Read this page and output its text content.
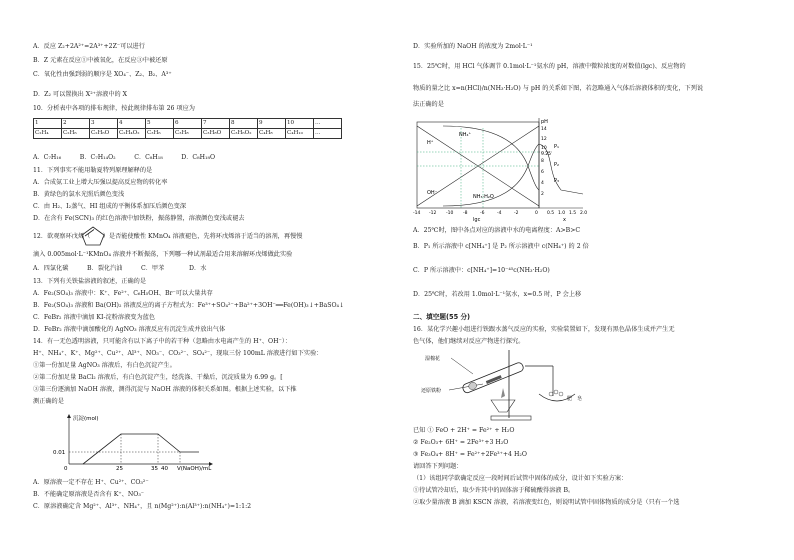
A．反应 Z₂+2A²⁺=2A³⁺+2Z⁻可以进行
B．Z 元素在反应①中被氧化，在反应③中被还原
C．氧化性由强到弱的顺序是 XO₄⁻、Z₂、B₂、A³⁺
D．Z₂ 可以置换出 X²⁺溶液中的 X
10．分析表中各项的排布规律，按此规律排布第 26 项应为
1	2	3	4	5	6	7	8	9	10	…
C₂H₄	C₂H₆	C₂H₆O	C₂H₄O₂	C₃H₆	C₃H₈	C₃H₈O	C₃H₆O₂	C₄H₈	C₄H₁₀	…
A．C₇H₁₆　　　B．C₇H₁₄O₂　　　C．C₈H₁₈　　　D．C₈H₁₈O
11．下列事实不能用勒夏特列原理解释的是
A．合成氨工业上增大压强以提高反应物的转化率
B．黄绿色的氯水光照后颜色变浅
C．由 H₂、I₂蒸气、HI 组成的平衡体系加压后颜色变深
D．在含有 Fe(SCN)₃ 的红色溶液中加铁粉，振荡静置，溶液颜色变浅或褪去
12．欲观察环戊烯（　　）是否能使酸性 KMnO₄ 溶液褪色，先将环戊烯溶于适当的溶剂，再慢慢
滴入 0.005mol·L⁻¹KMnO₄ 溶液并不断振荡，下列哪一种试剂最适合用来溶解环戊烯做此实验
A．四氯化碳　　　B．裂化汽油　　　C．甲苯　　　　D．水
13．下列有关铁盐溶液的叙述，正确的是
A．Fe₂(SO₄)₃ 溶液中：K⁺、Fe²⁺、C₆H₅OH、Br⁻可以大量共存
B．Fe₂(SO₄)₃ 溶液和 Ba(OH)₂ 溶液反应的离子方程式为：Fe³⁺+SO₄²⁻+Ba²⁺+3OH⁻══Fe(OH)₃↓+BaSO₄↓
C．FeBr₂ 溶液中滴加 KI-淀粉溶液变为蓝色
D．FeBr₂ 溶液中滴加酸化的 AgNO₃ 溶液反应有沉淀生成并放出气体
14．有一无色透明溶液，只可能含有以下离子中的若干种（忽略由水电离产生的 H⁺、OH⁻）：
H⁺、NH₄⁺、K⁺、Mg²⁺、Cu²⁺、Al³⁺、NO₃⁻、CO₃²⁻、SO₄²⁻，现取三份 100mL 溶液进行如下实验：
①第一份加足量 AgNO₃ 溶液后，有白色沉淀产生。
②第二份加足量 BaCl₂ 溶液后，有白色沉淀产生，经洗涤、干燥后，沉淀质量为 6.99 g。[
③第三份逐滴加 NaOH 溶液，测得沉淀与 NaOH 溶液的体积关系如图。根据上述实验，以下推
测正确的是
沉淀(mol)
0.01
0	25	35 40 V(NaOH)/mL
A．原溶液一定不存在 H⁺、Cu²⁺、CO₃²⁻
B．不能确定原溶液是否含有 K⁺、NO₃⁻
C．原溶液确定含 Mg²⁺、Al³⁺、NH₄⁺，且 n(Mg²⁺):n(Al³⁺):n(NH₄⁺)=1:1:2
D．实验所加的 NaOH 的浓度为 2mol·L⁻¹
15．25℃时，用 HCl 气体调节 0.1mol·L⁻¹氨水的 pH，溶液中微粒浓度的对数值(lgc)、反应物的
物质的量之比 x=n(HCl)/n(NH₃·H₂O) 与 pH 的关系如下图，若忽略通入气体后溶液体积的变化，下列说
法正确的是
pH
H⁺
NH₄⁺
NH₃·H₂O
OH⁻
P₁
P₂
P₃
14
12
10
9.25
8
6
4
2
-14 -12 -10 -8	-6	-4	-2	0 0.5 1.0 1.5 2.0
lgc	x
A．25℃时，图中各点对应的溶液中水的电离程度：A>B>C
B．P₁ 所示溶液中 c[NH₄⁺] 是 P₂ 所示溶液中 c(NH₄⁺) 的 2 倍
C．P 所示溶液中：c[NH₄⁺]=10⁻⁴⁵c(NH₃·H₂O)
D．25℃时，若改用 1.0mol·L⁻¹氨水，x=0.5 时，P 会上移
二、填空题(55 分)
16．某化学兴趣小组进行铁跟水蒸气反应的实验，实验装置如下，发现有黑色晶体生成并产生无
色气体，他们继续对反应产物进行探究。
湿棉花
还原铁粉
肥　皂
已知 ① FeO + 2H⁺ = Fe²⁺ + H₂O
② Fe₂O₃+ 6H⁺ = 2Fe³⁺+3 H₂O
③ Fe₃O₄+ 8H⁺ = Fe²⁺+2Fe³⁺+4 H₂O
请回答下列问题：
（1）该组同学欲确定反应一段时间后试管中固体的成分，设计如下实验方案：
①待试管冷却后，取少许其中的固体溶于稀硫酸得溶液 B。
②取少量溶液 B 滴加 KSCN 溶液，若溶液变红色，则说明试管中固体物质的成分是（只有一个选
